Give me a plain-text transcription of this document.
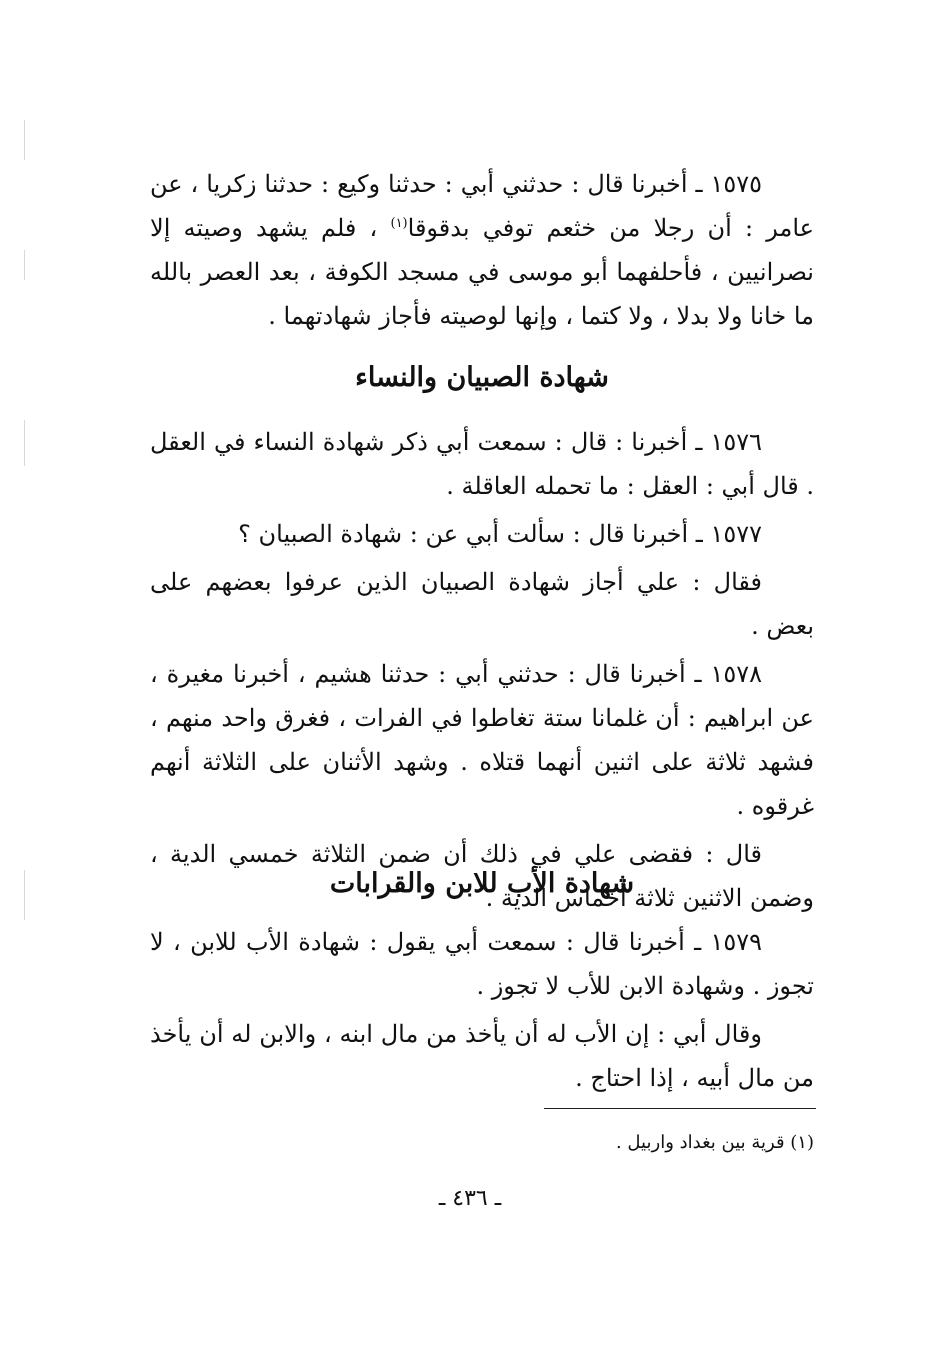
١٥٧٥ ـ أخبرنا قال : حدثني أبي : حدثنا وكيع : حدثنا زكريا ، عن عامر : أن رجلا من خثعم توفي بدقوقا$^{(١)}$ ، فلم يشهد وصيته إلا نصرانيين ، فأحلفهما أبو موسى في مسجد الكوفة ، بعد العصر بالله ما خانا ولا بدلا ، ولا كتما ، وإنها لوصيته فأجاز شهادتهما .

شهادة الصبيان والنساء

١٥٧٦ ـ أخبرنا : قال : سمعت أبي ذكر شهادة النساء في العقل . قال أبي : العقل : ما تحمله العاقلة .

١٥٧٧ ـ أخبرنا قال : سألت أبي عن : شهادة الصبيان ؟

فقال : علي أجاز شهادة الصبيان الذين عرفوا بعضهم على بعض .

١٥٧٨ ـ أخبرنا قال : حدثني أبي : حدثنا هشيم ، أخبرنا مغيرة ، عن ابراهيم : أن غلمانا ستة تغاطوا في الفرات ، فغرق واحد منهم ، فشهد ثلاثة على اثنين أنهما قتلاه . وشهد الأثنان على الثلاثة أنهم غرقوه .

قال : فقضى علي في ذلك أن ضمن الثلاثة خمسي الدية ، وضمن الاثنين ثلاثة أخماس الدية .

شهادة الأب للابن والقرابات

١٥٧٩ ـ أخبرنا قال : سمعت أبي يقول : شهادة الأب للابن ، لا تجوز . وشهادة الابن للأب لا تجوز .

وقال أبي : إن الأب له أن يأخذ من مال ابنه ، والابن له أن يأخذ من مال أبيه ، إذا احتاج .

(١) قرية بين بغداد واربيل .
ـ ٤٣٦ ـ
